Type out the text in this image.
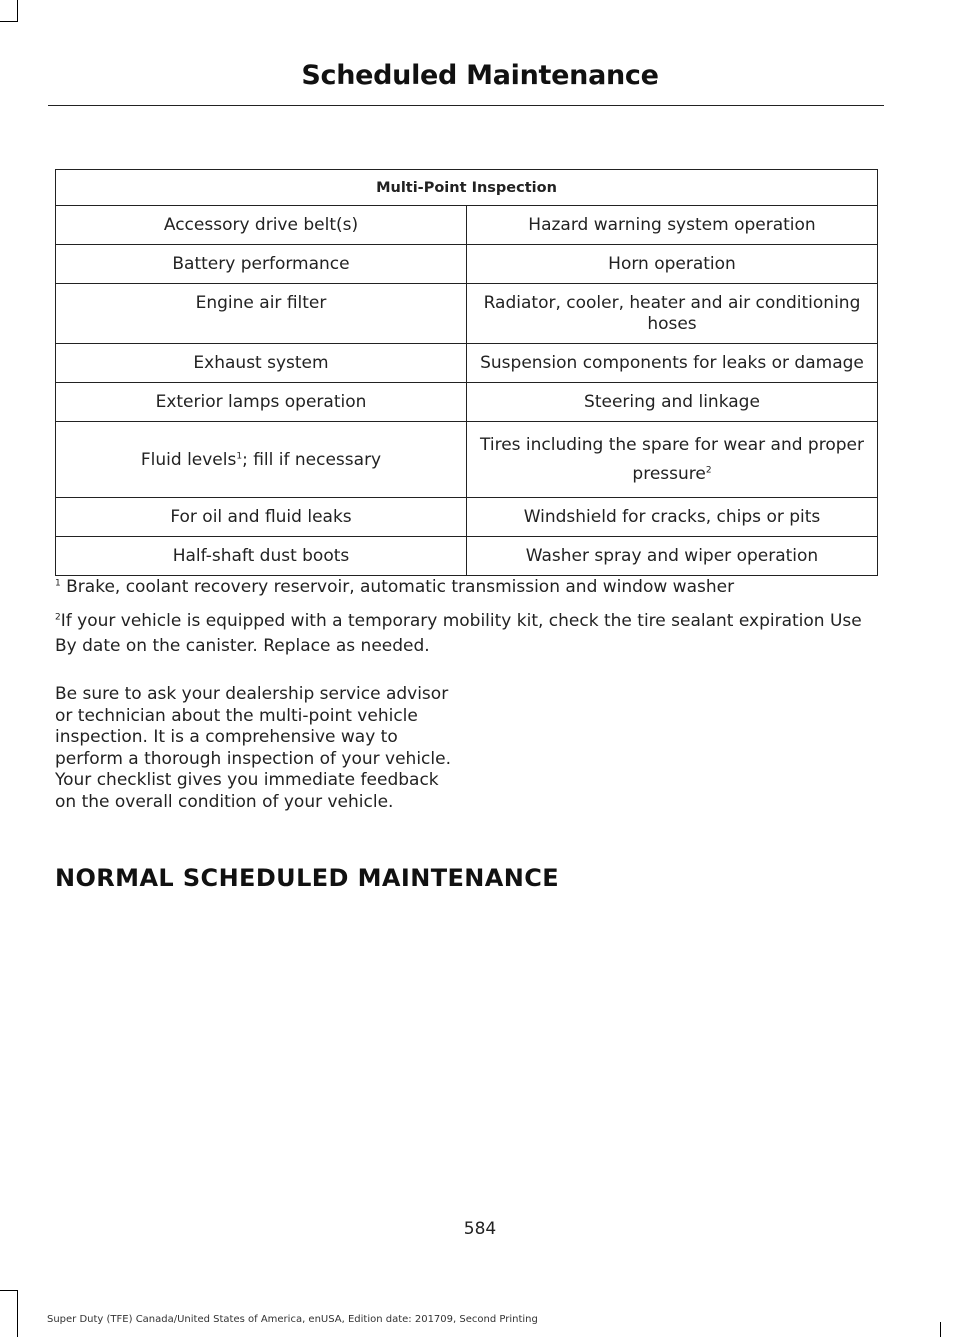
Scheduled Maintenance
Multi-Point Inspection	
Accessory drive belt(s)	Hazard warning system operation
Battery performance	Horn operation
Engine air filter	Radiator, cooler, heater and air conditioning hoses
Exhaust system	Suspension components for leaks or damage
Exterior lamps operation	Steering and linkage
Fluid levels$^1$; fill if necessary	Tires including the spare for wear and proper pressure$^2$
For oil and fluid leaks	Windshield for cracks, chips or pits
Half-shaft dust boots	Washer spray and wiper operation
$^1$ Brake, coolant recovery reservoir, automatic transmission and window washer
$^2$If your vehicle is equipped with a temporary mobility kit, check the tire sealant expiration Use By date on the canister. Replace as needed.
Be sure to ask your dealership service advisor or technician about the multi-point vehicle inspection. It is a comprehensive way to perform a thorough inspection of your vehicle. Your checklist gives you immediate feedback on the overall condition of your vehicle.
NORMAL SCHEDULED MAINTENANCE
584
Super Duty (TFE) Canada/United States of America, enUSA, Edition date: 201709, Second Printing
